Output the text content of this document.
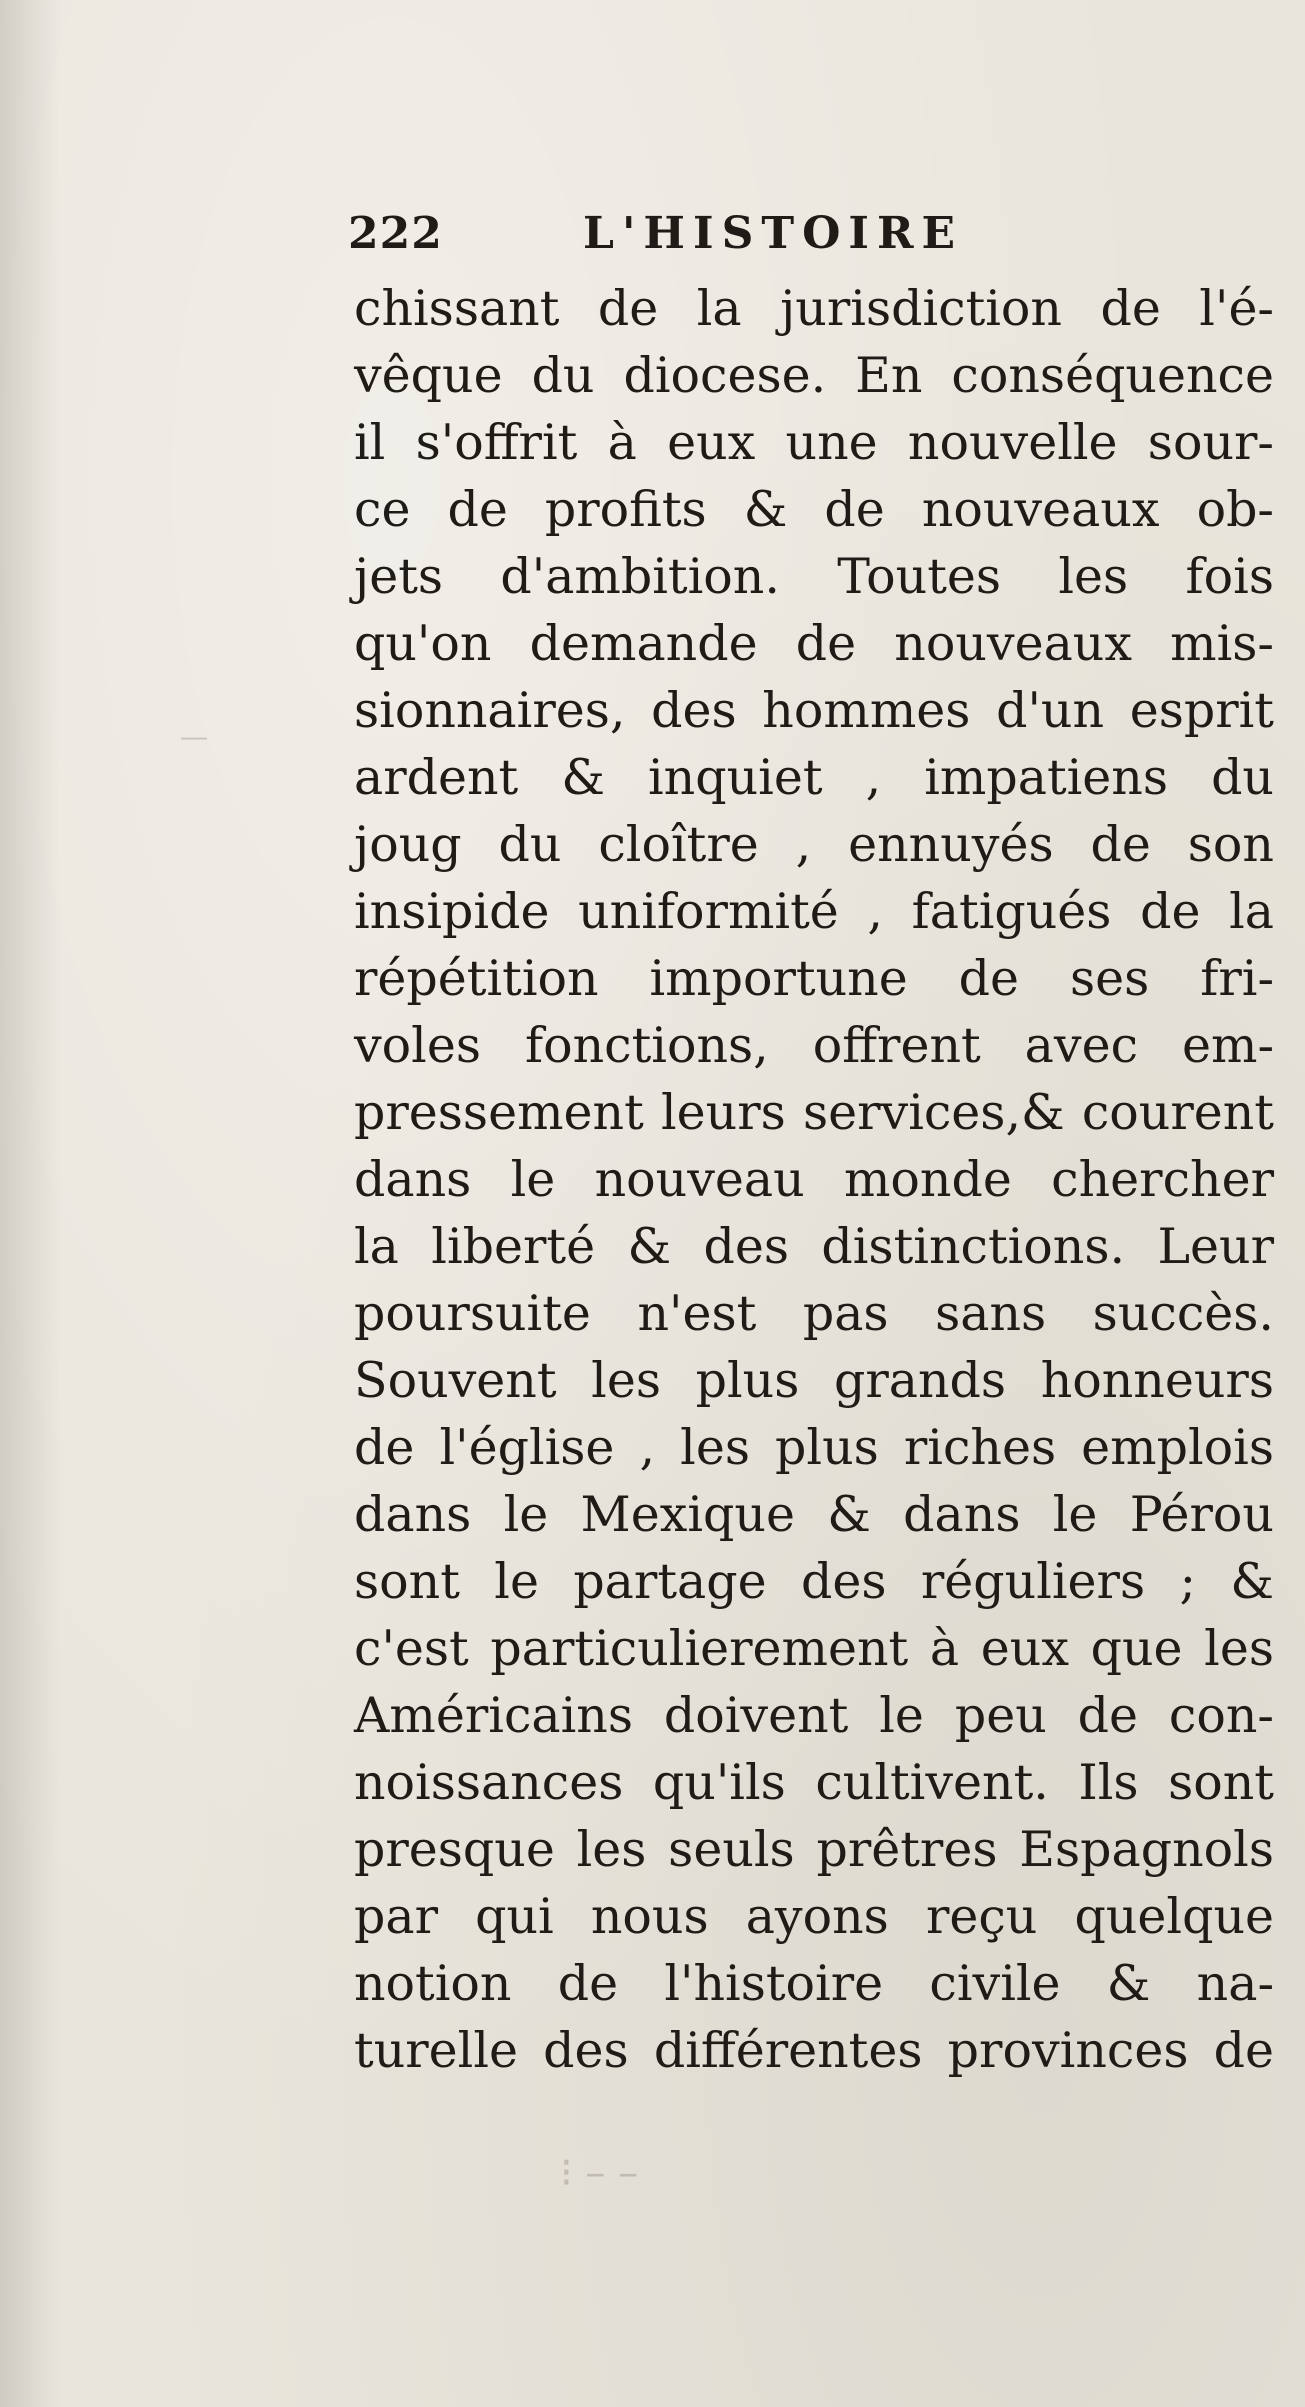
—
⁝ – –
222	L'HISTOIRE
chissant de la jurisdiction de l'é-
vêque du diocese. En conséquence
il s'offrit à eux une nouvelle sour-
ce de profits & de nouveaux ob-
jets d'ambition. Toutes les fois
qu'on demande de nouveaux mis-
sionnaires, des hommes d'un esprit
ardent & inquiet , impatiens du
joug du cloître , ennuyés de son
insipide uniformité , fatigués de la
répétition importune de ses fri-
voles fonctions, offrent avec em-
pressement leurs services,& courent
dans le nouveau monde chercher
la liberté & des distinctions. Leur
poursuite n'est pas sans succès.
Souvent les plus grands honneurs
de l'église , les plus riches emplois
dans le Mexique & dans le Pérou
sont le partage des réguliers ; &
c'est particulierement à eux que les
Américains doivent le peu de con-
noissances qu'ils cultivent. Ils sont
presque les seuls prêtres Espagnols
par qui nous ayons reçu quelque
notion de l'histoire civile & na-
turelle des différentes provinces de
